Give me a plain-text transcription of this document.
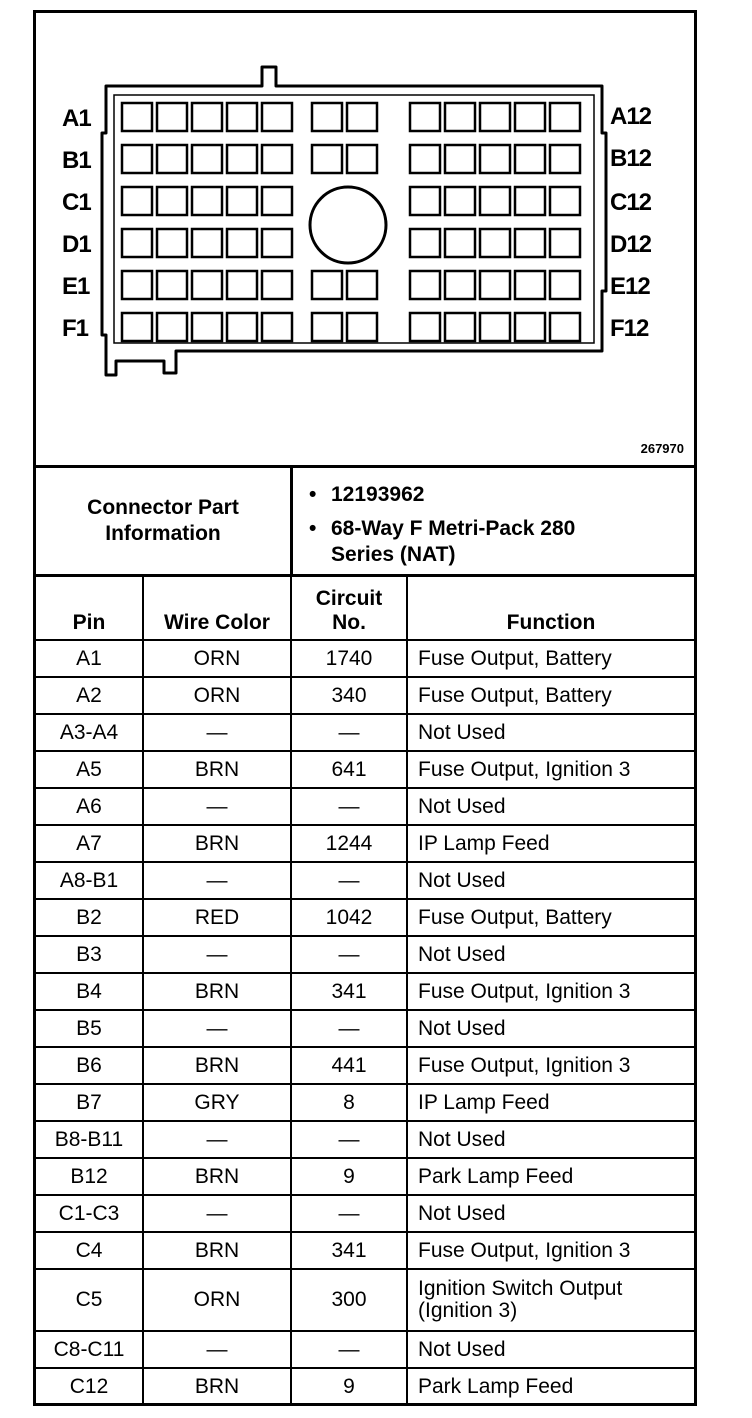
A1
B1
C1
D1
E1
F1
A12
B12
C12
D12
E12
F12
267970
Connector Part Information
• 12193962
• 68-Way F Metri-Pack 280 Series (NAT)
Pin	Wire Color	Circuit No.	Function
A1	ORN	1740	Fuse Output, Battery
A2	ORN	340	Fuse Output, Battery
A3-A4	—	—	Not Used
A5	BRN	641	Fuse Output, Ignition 3
A6	—	—	Not Used
A7	BRN	1244	IP Lamp Feed
A8-B1	—	—	Not Used
B2	RED	1042	Fuse Output, Battery
B3	—	—	Not Used
B4	BRN	341	Fuse Output, Ignition 3
B5	—	—	Not Used
B6	BRN	441	Fuse Output, Ignition 3
B7	GRY	8	IP Lamp Feed
B8-B11	—	—	Not Used
B12	BRN	9	Park Lamp Feed
C1-C3	—	—	Not Used
C4	BRN	341	Fuse Output, Ignition 3
C5	ORN	300	Ignition Switch Output (Ignition 3)
C8-C11	—	—	Not Used
C12	BRN	9	Park Lamp Feed
